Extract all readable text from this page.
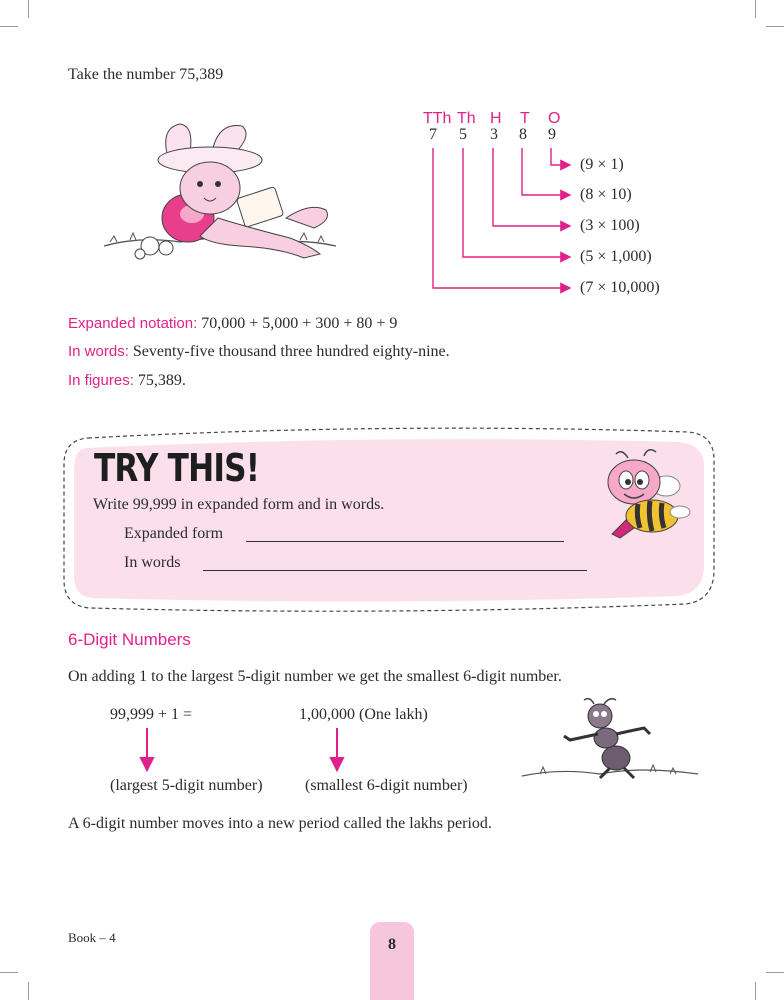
Take the number 75,389
TTh Th H T O
7 5 3 8 9
(9 × 1)
(8 × 10)
(3 × 100)
(5 × 1,000)
(7 × 10,000)
Expanded notation: 70,000 + 5,000 + 300 + 80 + 9
In words: Seventy-five thousand three hundred eighty-nine.
In figures: 75,389.
TRY THIS!
Write 99,999 in expanded form and in words.
Expanded form
In words
6-Digit Numbers
On adding 1 to the largest 5-digit number we get the smallest 6-digit number.
99,999 + 1 =	1,00,000 (One lakh)
(largest 5-digit number)	(smallest 6-digit number)
A 6-digit number moves into a new period called the lakhs period.
Book – 4	8
